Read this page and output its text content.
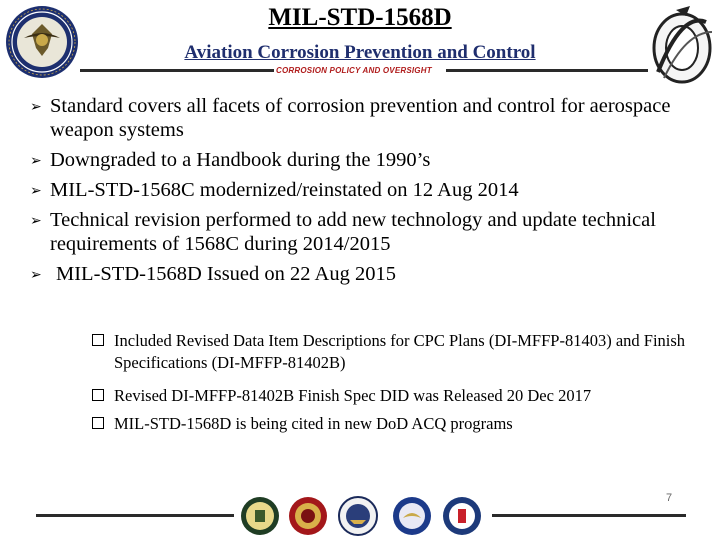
MIL-STD-1568D
Aviation Corrosion Prevention and Control
CORROSION POLICY AND OVERSIGHT
➢ Standard covers all facets of corrosion prevention and control for aerospace weapon systems
➢ Downgraded to a Handbook during the 1990’s
➢ MIL-STD-1568C modernized/reinstated on 12 Aug 2014
➢ Technical revision performed to add new technology and update technical requirements of 1568C during 2014/2015
➢ MIL-STD-1568D Issued on 22 Aug 2015
Included Revised Data Item Descriptions for CPC Plans (DI-MFFP-81403) and Finish Specifications (DI-MFFP-81402B)
Revised DI-MFFP-81402B Finish Spec DID was Released 20 Dec 2017
MIL-STD-1568D is being cited in new DoD ACQ programs
7
